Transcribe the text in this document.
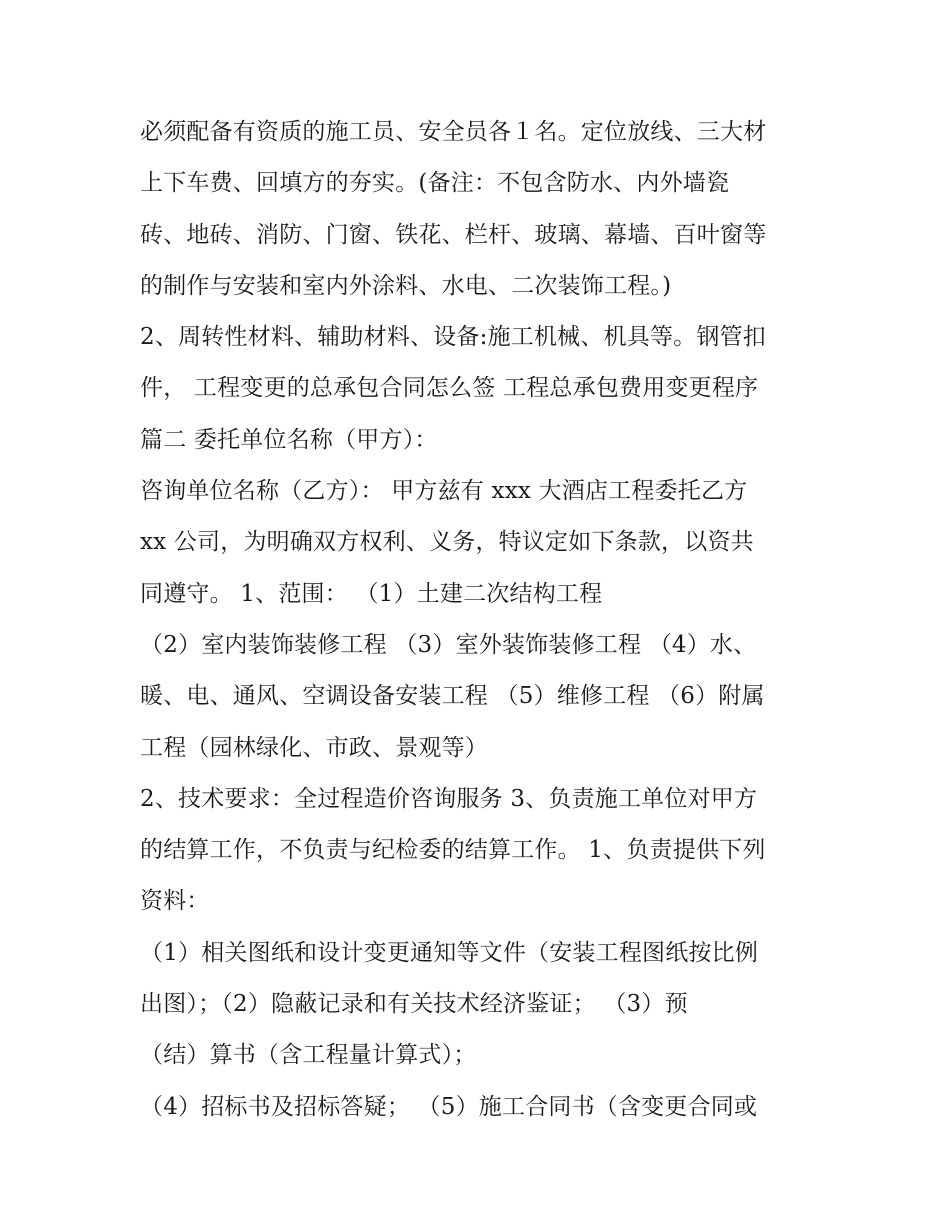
必须配备有资质的施工员、安全员各１名。定位放线、三大材
上下车费、回填方的夯实。(备注：不包含防水、内外墙瓷
砖、地砖、消防、门窗、铁花、栏杆、玻璃、幕墙、百叶窗等
的制作与安装和室内外涂料、水电、二次装饰工程。)
2、周转性材料、辅助材料、设备:施工机械、机具等。钢管扣
件， 工程变更的总承包合同怎么签 工程总承包费用变更程序
篇二 委托单位名称（甲方）：
咨询单位名称（乙方）： 甲方兹有 xxx 大酒店工程委托乙方
xx 公司，为明确双方权利、义务，特议定如下条款，以资共
同遵守。 1、范围： （1）土建二次结构工程
（2）室内装饰装修工程 （3）室外装饰装修工程 （4）水、
暖、电、通风、空调设备安装工程 （5）维修工程 （6）附属
工程（园林绿化、市政、景观等）
2、技术要求：全过程造价咨询服务 3、负责施工单位对甲方
的结算工作，不负责与纪检委的结算工作。 1、负责提供下列
资料：
（1）相关图纸和设计变更通知等文件（安装工程图纸按比例
出图）；（2）隐蔽记录和有关技术经济鉴证； （3）预
（结）算书（含工程量计算式）；
（4）招标书及招标答疑； （5）施工合同书（含变更合同或
